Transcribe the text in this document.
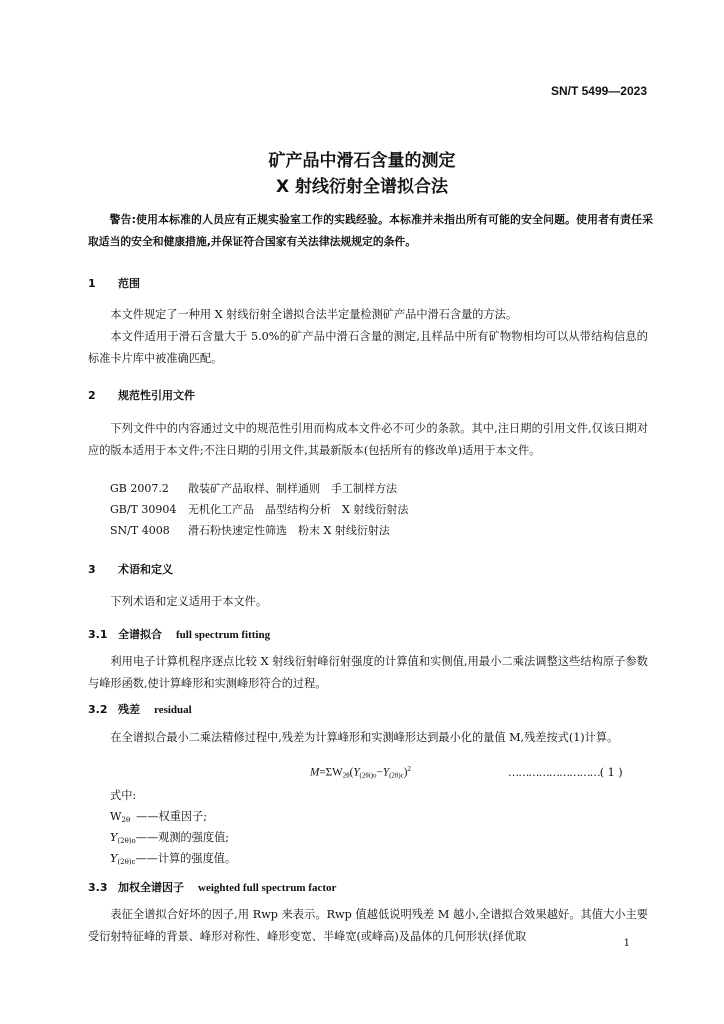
SN/T 5499—2023
矿产品中滑石含量的测定
X 射线衍射全谱拟合法
警告:使用本标准的人员应有正规实验室工作的实践经验。本标准并未指出所有可能的安全问题。使用者有责任采取适当的安全和健康措施,并保证符合国家有关法律法规规定的条件。
1 范围
本文件规定了一种用 X 射线衍射全谱拟合法半定量检测矿产品中滑石含量的方法。
本文件适用于滑石含量大于 5.0%的矿产品中滑石含量的测定,且样品中所有矿物物相均可以从带结构信息的标准卡片库中被准确匹配。
2 规范性引用文件
下列文件中的内容通过文中的规范性引用而构成本文件必不可少的条款。其中,注日期的引用文件,仅该日期对应的版本适用于本文件;不注日期的引用文件,其最新版本(包括所有的修改单)适用于本文件。
GB 2007.2 散装矿产品取样、制样通则　手工制样方法
GB/T 30904 无机化工产品　晶型结构分析　X 射线衍射法
SN/T 4008 滑石粉快速定性筛选　粉末 X 射线衍射法
3 术语和定义
下列术语和定义适用于本文件。
3.1 全谱拟合 full spectrum fitting
利用电子计算机程序逐点比较 X 射线衍射峰衍射强度的计算值和实侧值,用最小二乘法调整这些结构原子参数与峰形函数,使计算峰形和实测峰形符合的过程。
3.2 残差 residual
在全谱拟合最小二乘法精修过程中,残差为计算峰形和实测峰形达到最小化的量值 M,残差按式(1)计算。
$M=\Sigma W_{2\theta}(Y_{(2\theta i)o}-Y_{(2\theta)c})^2$	………………………( 1 )
式中:
$W_{2\theta}$ ——权重因子;
$Y_{(2\theta)o}——$观测的强度值;
$Y_{(2\theta)c}——$计算的强度值。
3.3 加权全谱因子 weighted full spectrum factor
表征全谱拟合好坏的因子,用 Rwp 来表示。Rwp 值越低说明残差 M 越小,全谱拟合效果越好。其值大小主要受衍射特征峰的背景、峰形对称性、峰形变宽、半峰宽(或峰高)及晶体的几何形状(择优取
1
